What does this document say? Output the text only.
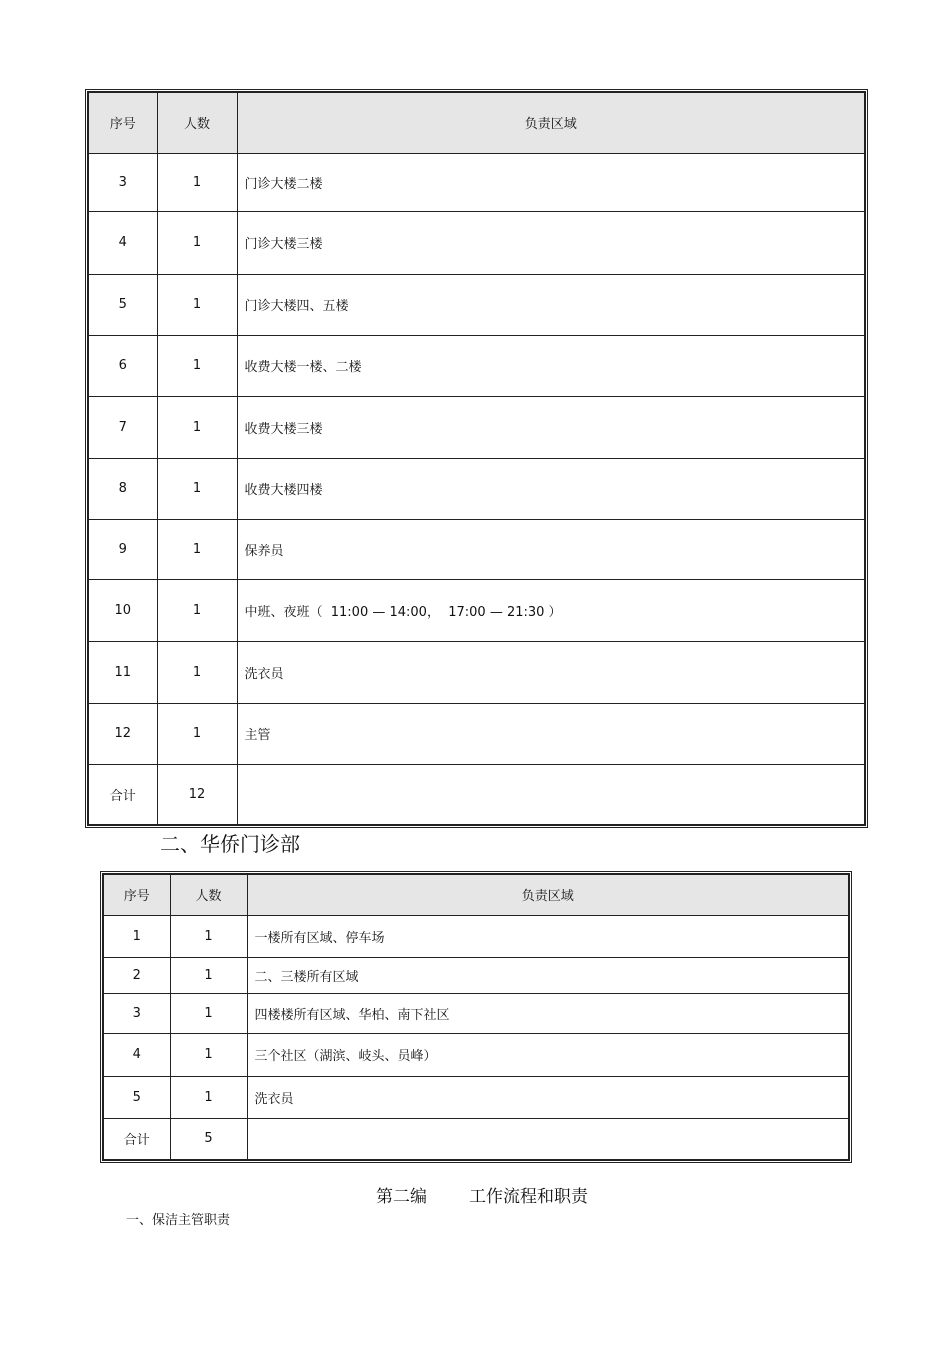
序号	人数	负责区域
3	1	门诊大楼二楼
4	1	门诊大楼三楼
5	1	门诊大楼四、五楼
6	1	收费大楼一楼、二楼
7	1	收费大楼三楼
8	1	收费大楼四楼
9	1	保养员
10	1	中班、夜班（  11:00 — 14:00，  17:00 — 21:30 ）
11	1	洗衣员
12	1	主管
合计	12	
二、华侨门诊部
序号	人数	负责区域
1	1	一楼所有区域、停车场
2	1	二、三楼所有区域
3	1	四楼楼所有区域、华柏、南下社区
4	1	三个社区（湖滨、岐头、员峰）
5	1	洗衣员
合计	5	
第二编 工作流程和职责
一、保洁主管职责
